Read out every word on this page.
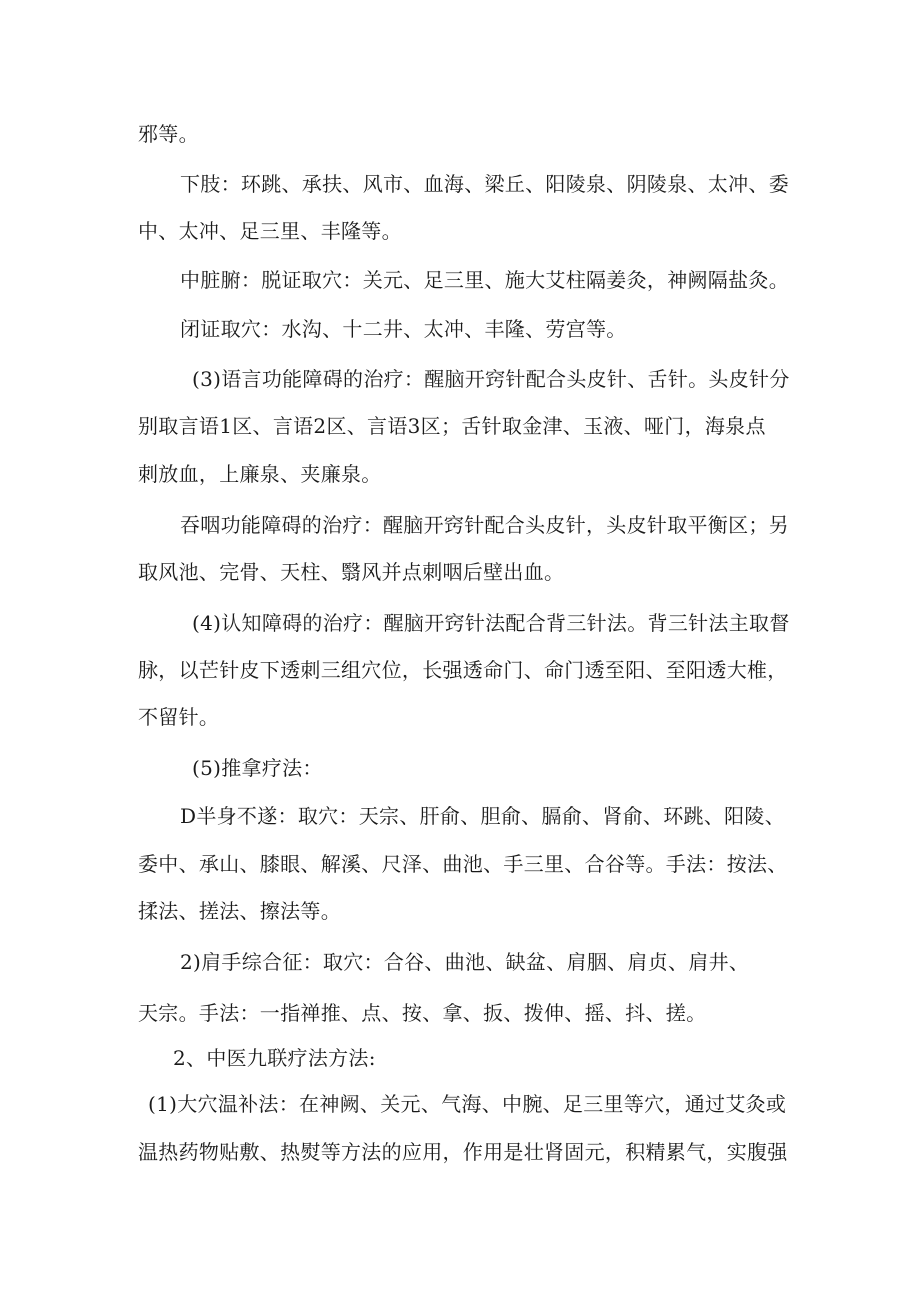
邪等。
下肢：环跳、承扶、风市、血海、梁丘、阳陵泉、阴陵泉、太冲、委
中、太冲、足三里、丰隆等。
中脏腑：脱证取穴：关元、足三里、施大艾柱隔姜灸，神阙隔盐灸。
闭证取穴：水沟、十二井、太冲、丰隆、劳宫等。
(3)语言功能障碍的治疗：醒脑开窍针配合头皮针、舌针。头皮针分
别取言语1区、言语2区、言语3区；舌针取金津、玉液、哑门，海泉点
刺放血，上廉泉、夹廉泉。
吞咽功能障碍的治疗：醒脑开窍针配合头皮针，头皮针取平衡区；另
取风池、完骨、天柱、翳风并点刺咽后壁出血。
(4)认知障碍的治疗：醒脑开窍针法配合背三针法。背三针法主取督
脉，以芒针皮下透刺三组穴位，长强透命门、命门透至阳、至阳透大椎，
不留针。
(5)推拿疗法：
D半身不遂：取穴：天宗、肝俞、胆俞、膈俞、肾俞、环跳、阳陵、
委中、承山、膝眼、解溪、尺泽、曲池、手三里、合谷等。手法：按法、
揉法、搓法、擦法等。
2)肩手综合征：取穴：合谷、曲池、缺盆、肩胭、肩贞、肩井、
天宗。手法：一指禅推、点、按、拿、扳、拨伸、摇、抖、搓。
2、中医九联疗法方法:
(1)大穴温补法：在神阙、关元、气海、中腕、足三里等穴，通过艾灸或
温热药物贴敷、热熨等方法的应用，作用是壮肾固元，积精累气，实腹强
